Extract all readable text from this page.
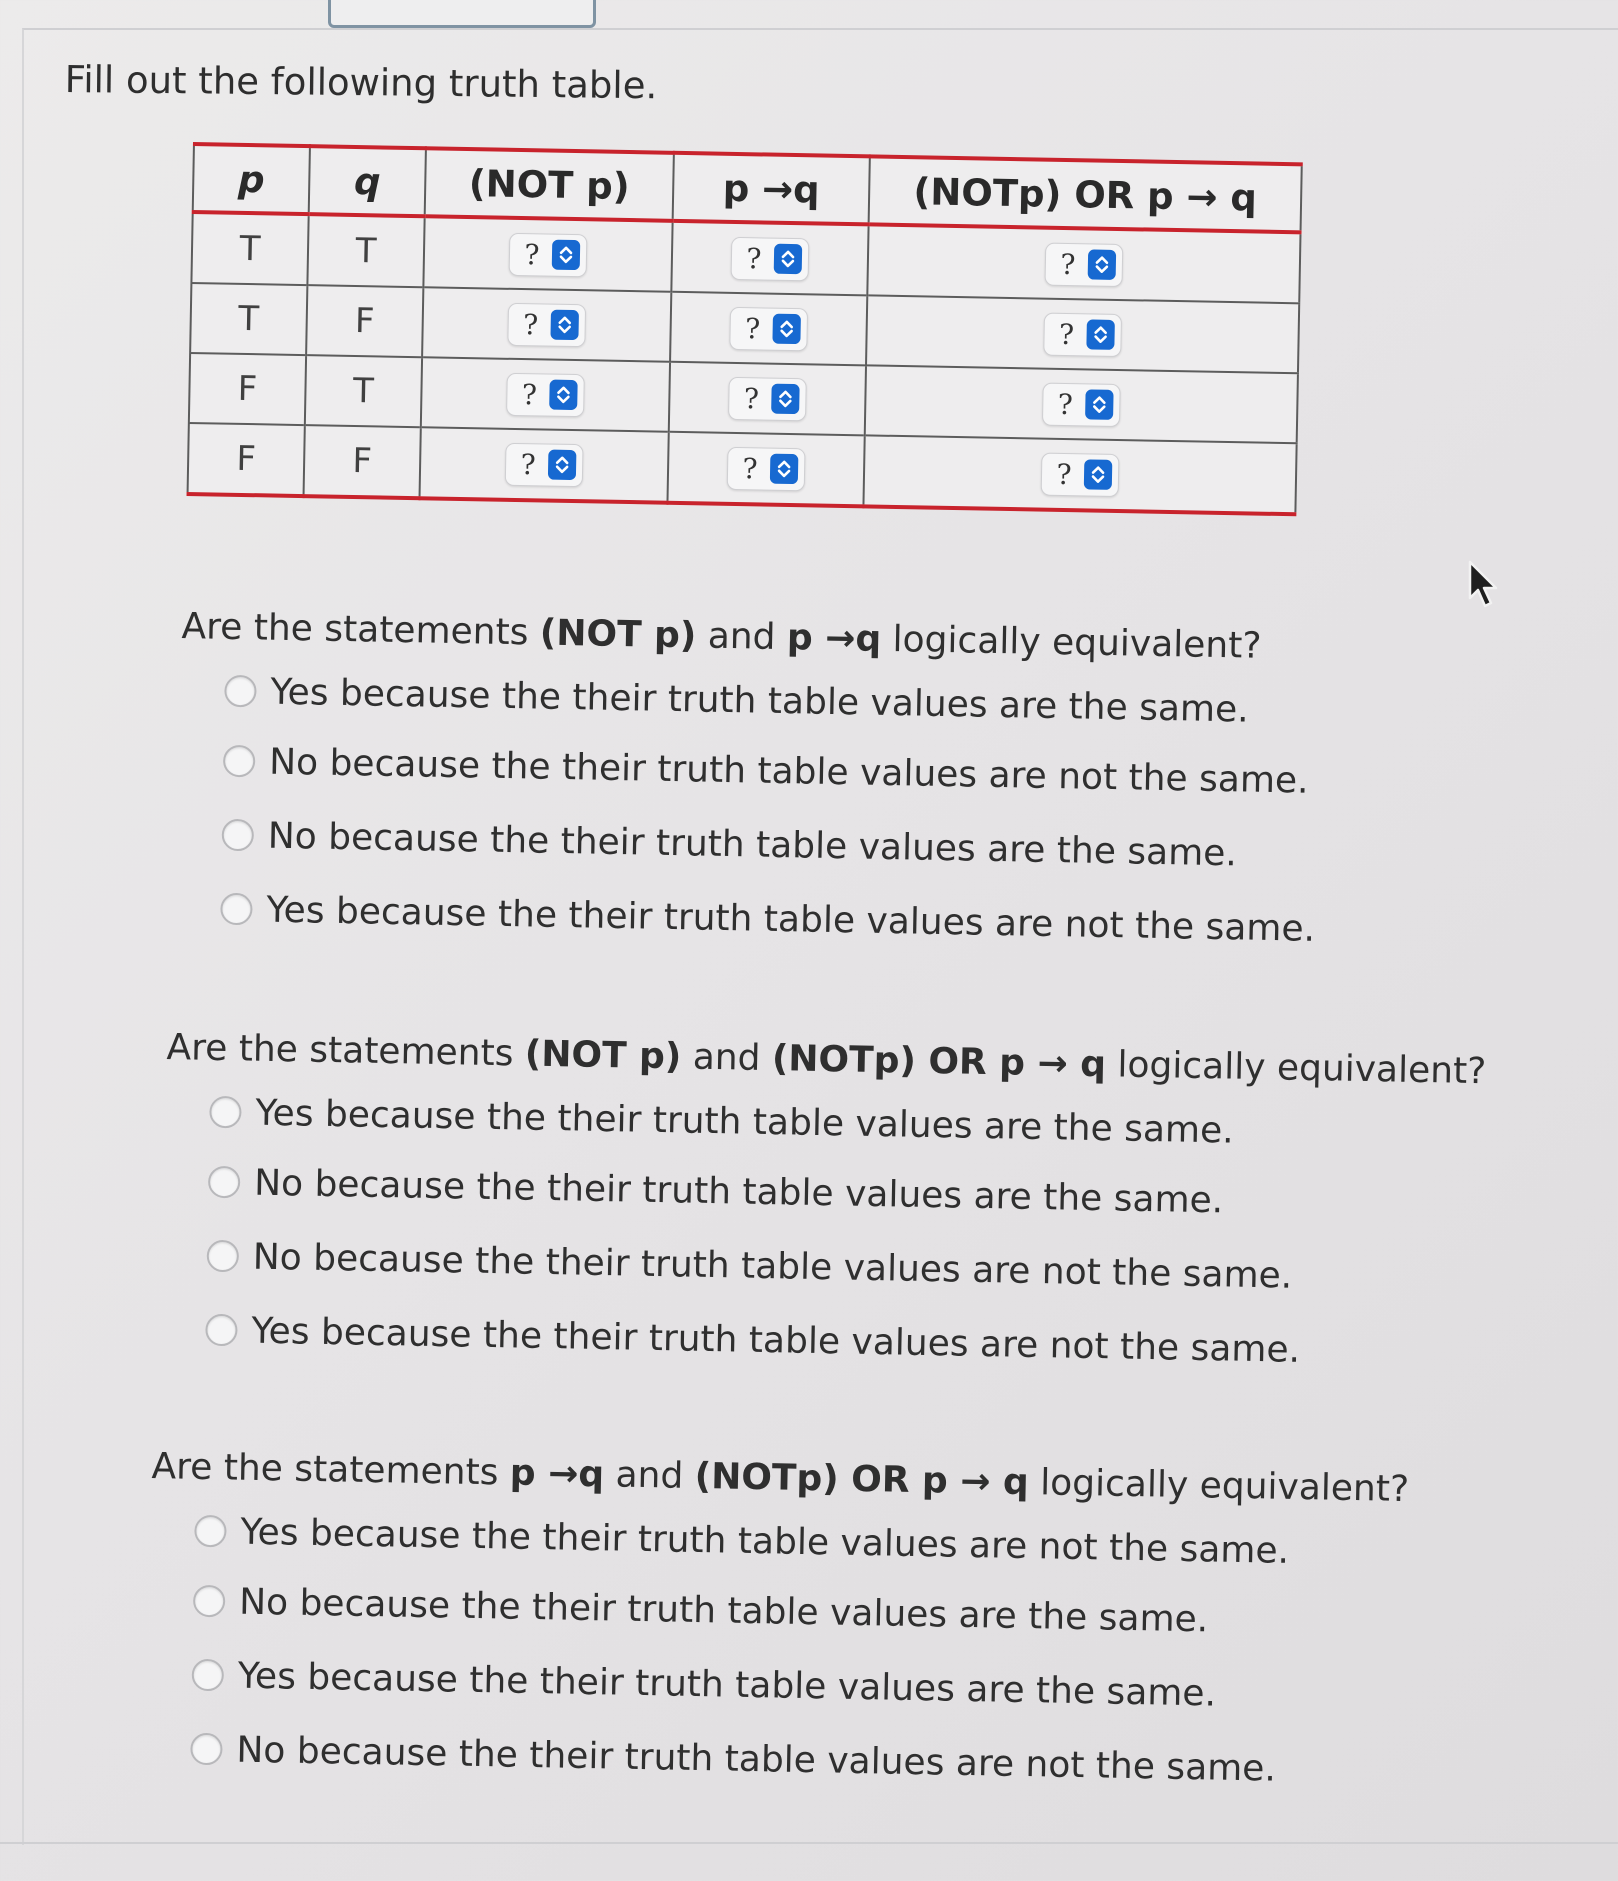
Fill out the following truth table.
p	q	(NOT p)	p →q	(NOTp) OR p → q
T	T	?	?	?

T	F	?	?	?

F	T	?	?	?

F	F	?	?	?
Are the statements (NOT p) and p →q logically equivalent?
Yes because the their truth table values are the same.
No because the their truth table values are not the same.
No because the their truth table values are the same.
Yes because the their truth table values are not the same.
Are the statements (NOT p) and (NOTp) OR p → q logically equivalent?
Yes because the their truth table values are the same.
No because the their truth table values are the same.
No because the their truth table values are not the same.
Yes because the their truth table values are not the same.
Are the statements p →q and (NOTp) OR p → q logically equivalent?
Yes because the their truth table values are not the same.
No because the their truth table values are the same.
Yes because the their truth table values are the same.
No because the their truth table values are not the same.
